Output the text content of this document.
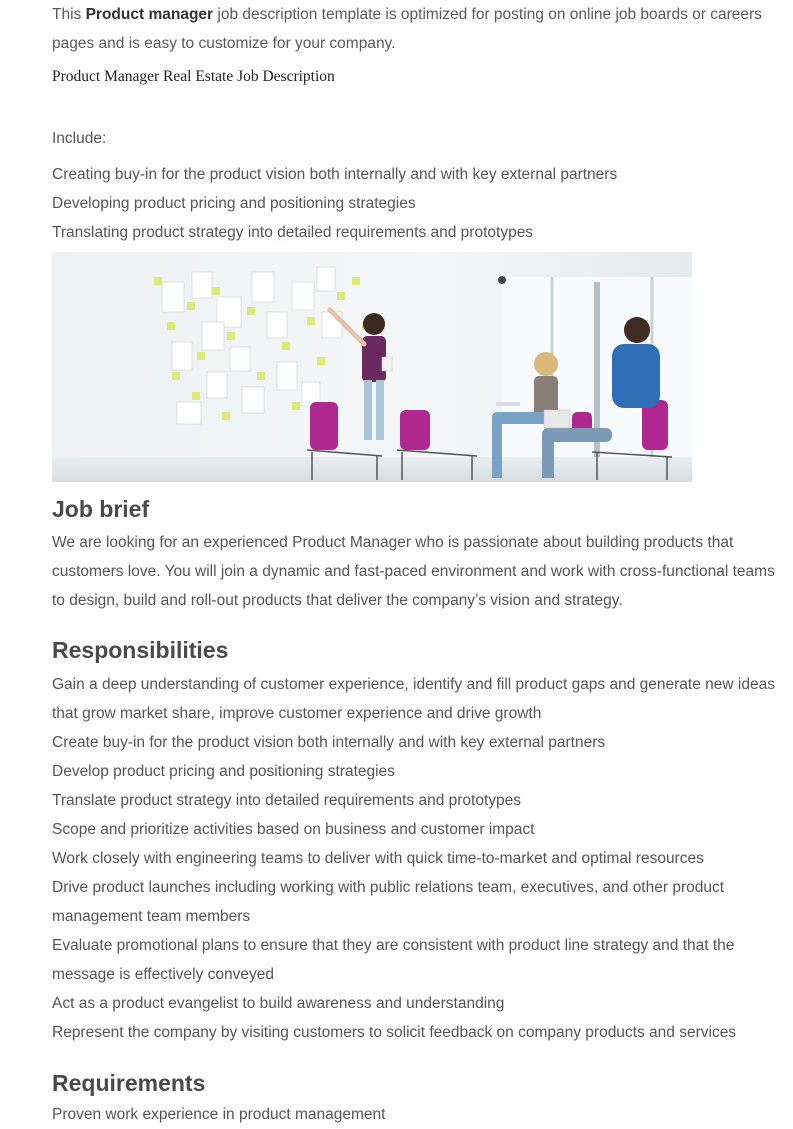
This Product manager job description template is optimized for posting on online job boards or careers pages and is easy to customize for your company.

Product Manager Real Estate Job Description
Include:
Creating buy-in for the product vision both internally and with key external partners
Developing product pricing and positioning strategies
Translating product strategy into detailed requirements and prototypes
Job brief

We are looking for an experienced Product Manager who is passionate about building products that customers love. You will join a dynamic and fast-paced environment and work with cross-functional teams to design, build and roll-out products that deliver the company’s vision and strategy.

Responsibilities
Gain a deep understanding of customer experience, identify and fill product gaps and generate new ideas that grow market share, improve customer experience and drive growth
Create buy-in for the product vision both internally and with key external partners
Develop product pricing and positioning strategies
Translate product strategy into detailed requirements and prototypes
Scope and prioritize activities based on business and customer impact
Work closely with engineering teams to deliver with quick time-to-market and optimal resources
Drive product launches including working with public relations team, executives, and other product management team members
Evaluate promotional plans to ensure that they are consistent with product line strategy and that the message is effectively conveyed
Act as a product evangelist to build awareness and understanding
Represent the company by visiting customers to solicit feedback on company products and services
Requirements
Proven work experience in product management
